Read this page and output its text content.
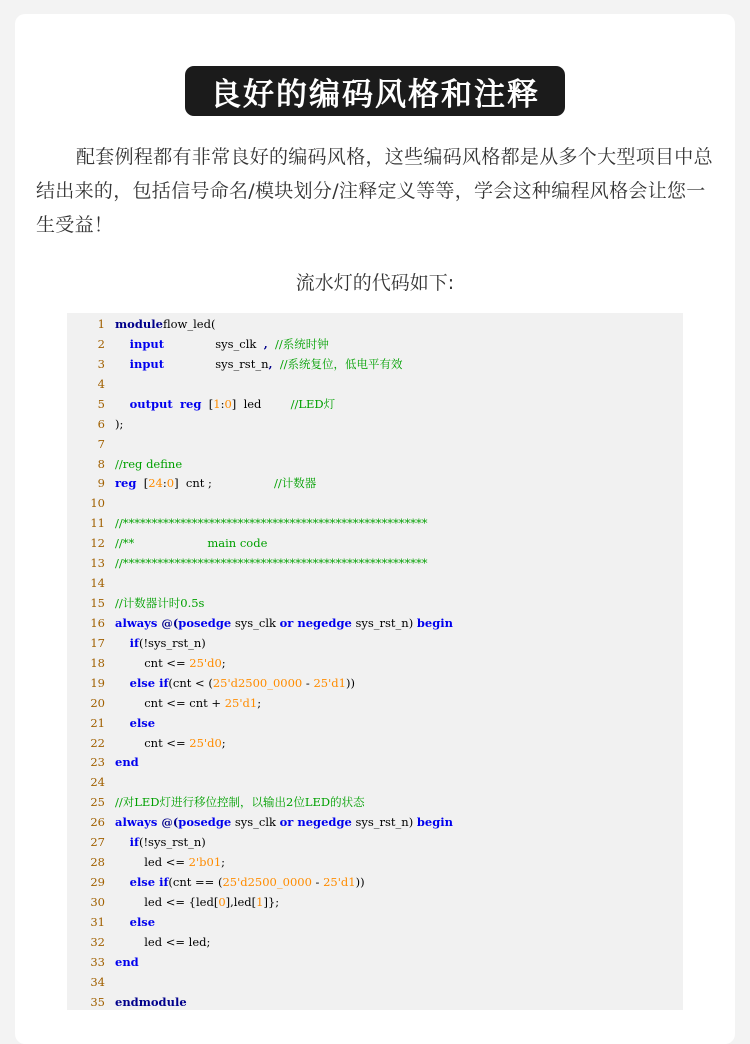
良好的编码风格和注释
配套例程都有非常良好的编码风格，这些编码风格都是从多个大型项目中总结出来的，包括信号命名/模块划分/注释定义等等，学会这种编程风格会让您一生受益！
流水灯的代码如下:
1 moduleflow_led(
2	input              sys_clk  , //系统时钟
3	input              sys_rst_n, //系统复位，低电平有效
4
5	output reg  [1:0]  led        //LED灯
6 );
7
8 //reg define
9 reg  [24:0]  cnt ;                 //计数器
10
11 //*****************************************************
12 //**                    main code
13 //*****************************************************
14
15 //计数器计时0.5s
16 always @(posedge sys_clk or negedge sys_rst_n) begin
17	if(!sys_rst_n)
18 cnt <= 25'd0;
19	else if(cnt < (25'd2500_0000 - 25'd1))
20 cnt <= cnt + 25'd1;
21	else
22 cnt <= 25'd0;
23 end
24
25 //对LED灯进行移位控制，以输出2位LED的状态
26 always @(posedge sys_clk or negedge sys_rst_n) begin
27	if(!sys_rst_n)
28 led <= 2'b01;
29	else if(cnt == (25'd2500_0000 - 25'd1))
30 led <= {led[0],led[1]};
31	else
32 led <= led;
33 end
34
35 endmodule
